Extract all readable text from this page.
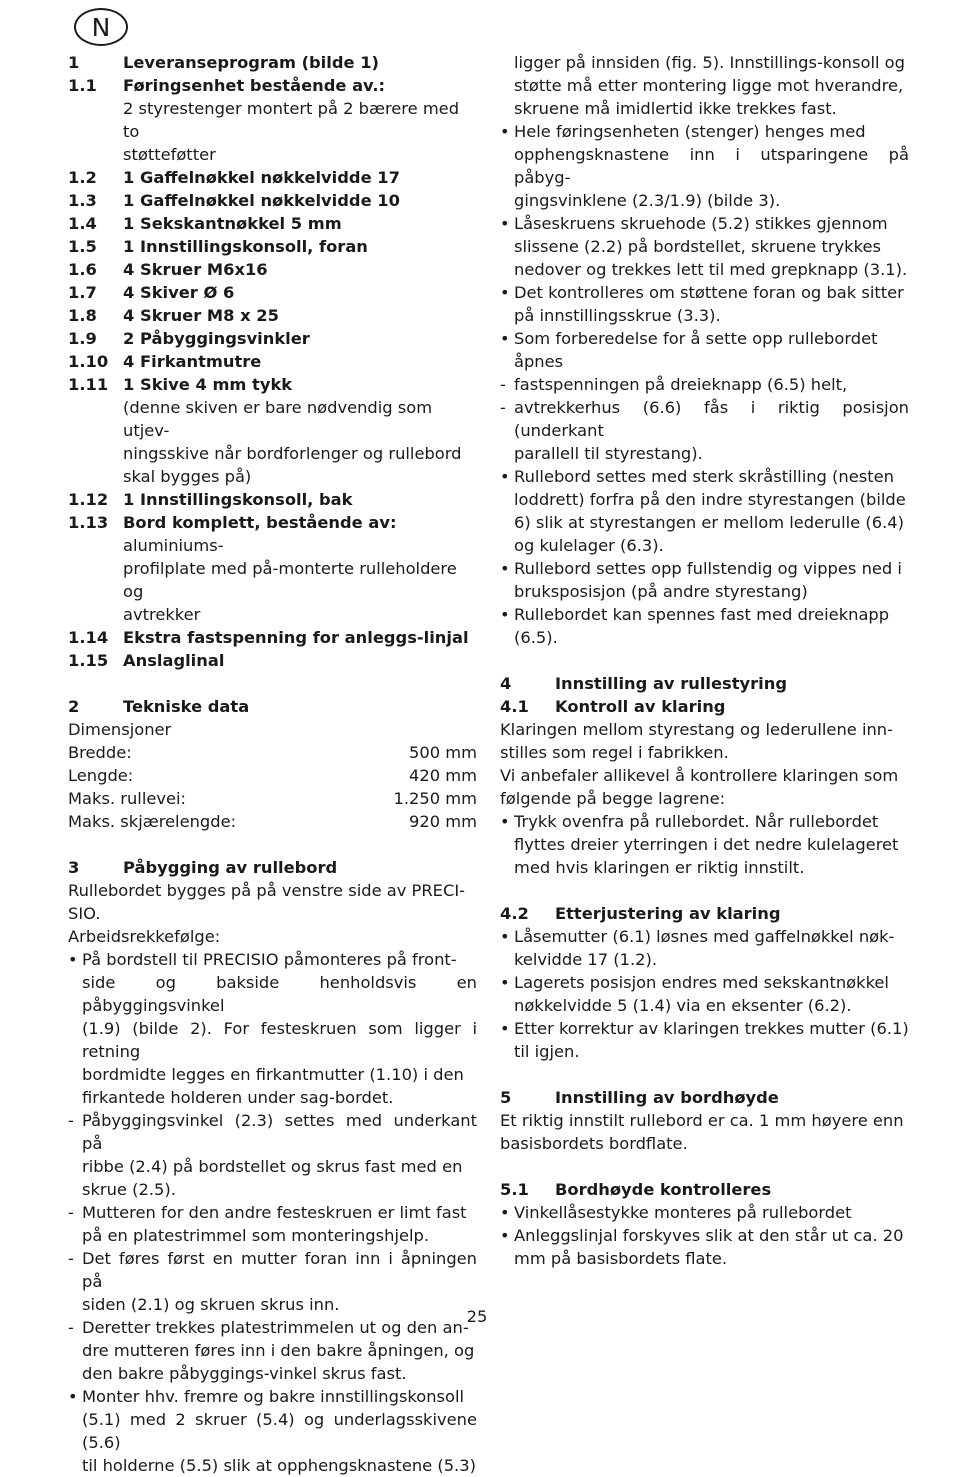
N
1	Leveranseprogram (bilde 1)
1.1	Føringsenhet bestående av.:
2 styrestenger montert på 2 bærere med to
støtteføtter
1.2	1 Gaffelnøkkel nøkkelvidde 17
1.3	1 Gaffelnøkkel nøkkelvidde 10
1.4	1 Sekskantnøkkel 5 mm
1.5	1 Innstillingskonsoll, foran
1.6	4 Skruer M6x16
1.7	4 Skiver Ø 6
1.8	4 Skruer M8 x 25
1.9	2 Påbyggingsvinkler
1.10 4 Firkantmutre
1.11 1 Skive 4 mm tykk
(denne skiven er bare nødvendig som utjev-
ningsskive når bordforlenger og rullebord
skal bygges på)
1.12 1 Innstillingskonsoll, bak
1.13 Bord komplett, bestående av: aluminiums-
profilplate med på-monterte rulleholdere og
avtrekker
1.14 Ekstra fastspenning for anleggs-linjal
1.15 Anslaglinal
2	Tekniske data
Dimensjoner
Bredde:	500 mm
Lengde:	420 mm
Maks. rullevei:	1.250 mm
Maks. skjærelengde:	920 mm
3	Påbygging av rullebord
Rullebordet bygges på på venstre side av PRECI-
SIO.
Arbeidsrekkefølge:
• På bordstell til PRECISIO påmonteres på front-
side og bakside henholdsvis en påbyggingsvinkel
(1.9) (bilde 2). For festeskruen som ligger i retning
bordmidte legges en firkantmutter (1.10) i den
firkantede holderen under sag-bordet.
- Påbyggingsvinkel (2.3) settes med underkant på
ribbe (2.4) på bordstellet og skrus fast med en
skrue (2.5).
- Mutteren for den andre festeskruen er limt fast
på en platestrimmel som monteringshjelp.
- Det føres først en mutter foran inn i åpningen på
siden (2.1) og skruen skrus inn.
- Deretter trekkes platestrimmelen ut og den an-
dre mutteren føres inn i den bakre åpningen, og
den bakre påbyggings-vinkel skrus fast.
• Monter hhv. fremre og bakre innstillingskonsoll
(5.1) med 2 skruer (5.4) og underlagsskivene (5.6)
til holderne (5.5) slik at opphengsknastene (5.3)
ligger på innsiden (fig. 5). Innstillings-konsoll og
støtte må etter montering ligge mot hverandre,
skruene må imidlertid ikke trekkes fast.
• Hele føringsenheten (stenger) henges med
opphengsknastene inn i utsparingene på påbyg-
gingsvinklene (2.3/1.9) (bilde 3).
• Låseskruens skruehode (5.2) stikkes gjennom
slissene (2.2) på bordstellet, skruene trykkes
nedover og trekkes lett til med grepknapp (3.1).
• Det kontrolleres om støttene foran og bak sitter
på innstillingsskrue (3.3).
• Som forberedelse for å sette opp rullebordet
åpnes
- fastspenningen på dreieknapp (6.5) helt,
- avtrekkerhus (6.6) fås i riktig posisjon (underkant
parallell til styrestang).
• Rullebord settes med sterk skråstilling (nesten
loddrett) forfra på den indre styrestangen (bilde
6) slik at styrestangen er mellom lederulle (6.4)
og kulelager (6.3).
• Rullebord settes opp fullstendig og vippes ned i
bruksposisjon (på andre styrestang)
• Rullebordet kan spennes fast med dreieknapp
(6.5).
4	Innstilling av rullestyring
4.1	Kontroll av klaring
Klaringen mellom styrestang og lederullene inn-
stilles som regel i fabrikken.
Vi anbefaler allikevel å kontrollere klaringen som
følgende på begge lagrene:
• Trykk ovenfra på rullebordet. Når rullebordet
flyttes dreier yterringen i det nedre kulelageret
med hvis klaringen er riktig innstilt.
4.2	Etterjustering av klaring
• Låsemutter (6.1) løsnes med gaffelnøkkel nøk-
kelvidde 17 (1.2).
• Lagerets posisjon endres med sekskantnøkkel
nøkkelvidde 5 (1.4) via en eksenter (6.2).
• Etter korrektur av klaringen trekkes mutter (6.1)
til igjen.
5	Innstilling av bordhøyde
Et riktig innstilt rullebord er ca. 1 mm høyere enn
basisbordets bordflate.
5.1	Bordhøyde kontrolleres
• Vinkellåsestykke monteres på rullebordet
• Anleggslinjal forskyves slik at den står ut ca. 20
mm på basisbordets flate.
25
